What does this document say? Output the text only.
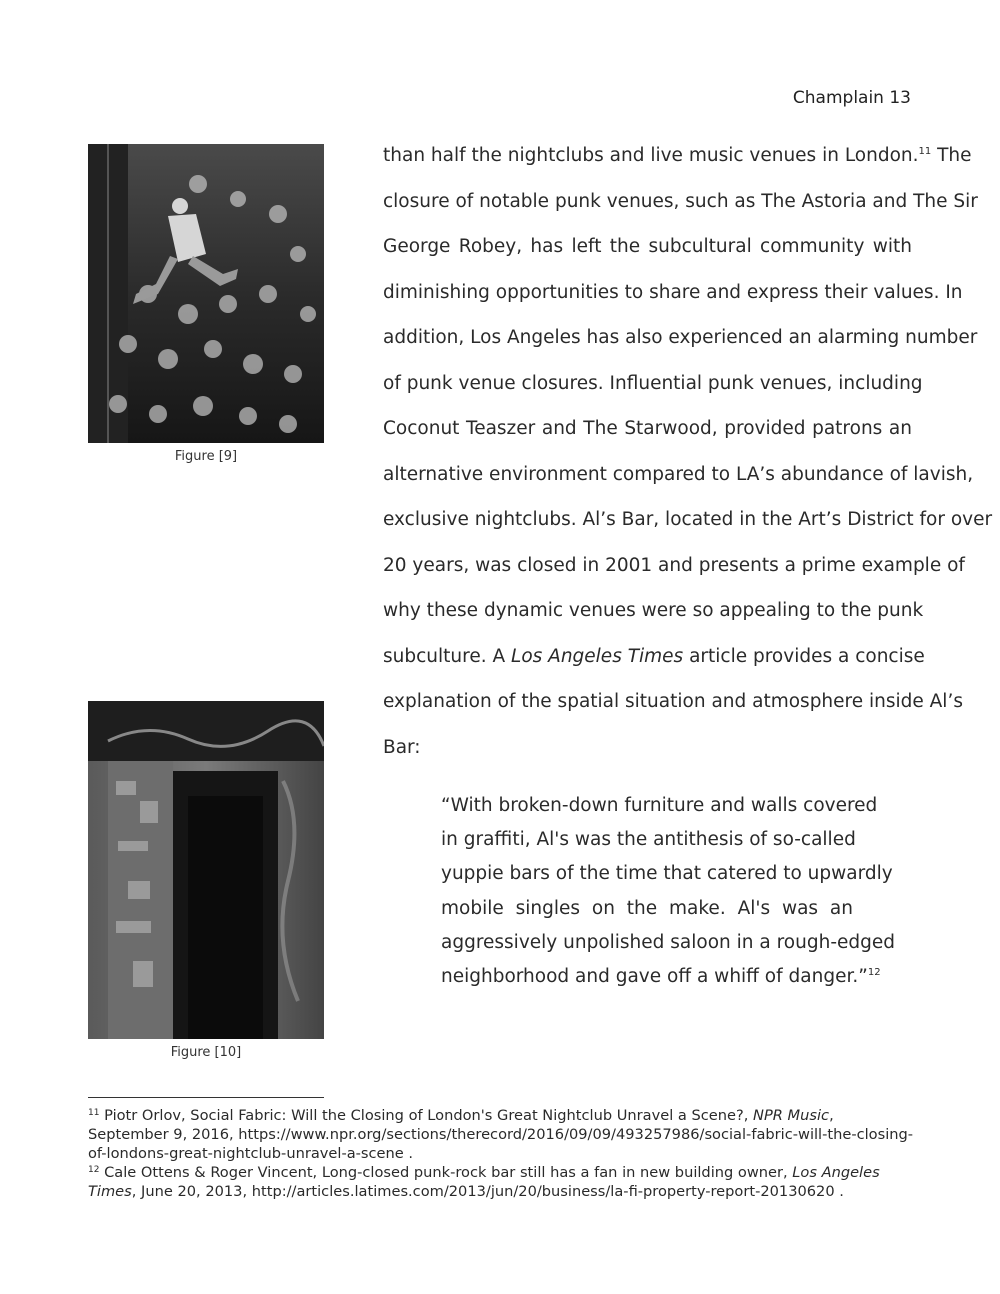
Champlain 13
Figure [9]
Figure [10]
than half the nightclubs and live music venues in London.$^{11}$ The
closure of notable punk venues, such as The Astoria and The Sir
George Robey, has left the subcultural community with
diminishing opportunities to share and express their values. In
addition, Los Angeles has also experienced an alarming number
of punk venue closures. Influential punk venues, including
Coconut Teaszer and The Starwood, provided patrons an
alternative environment compared to LA’s abundance of lavish,
exclusive nightclubs. Al’s Bar, located in the Art’s District for over
20 years, was closed in 2001 and presents a prime example of
why these dynamic venues were so appealing to the punk
subculture. A Los Angeles Times article provides a concise
explanation of the spatial situation and atmosphere inside Al’s
Bar:
“With broken-down furniture and walls covered
in graffiti, Al's was the antithesis of so-called
yuppie bars of the time that catered to upwardly
mobile singles on the make. Al's was an
aggressively unpolished saloon in a rough-edged
neighborhood and gave off a whiff of danger.”$^{12}$

$^{11}$ Piotr Orlov, Social Fabric: Will the Closing of London's Great Nightclub Unravel a Scene?, NPR Music, September 9, 2016, https://www.npr.org/sections/therecord/2016/09/09/493257986/social-fabric-will-the-closing-of-londons-great-nightclub-unravel-a-scene .

$^{12}$ Cale Ottens & Roger Vincent, Long-closed punk-rock bar still has a fan in new building owner, Los Angeles Times, June 20, 2013, http://articles.latimes.com/2013/jun/20/business/la-fi-property-report-20130620 .
